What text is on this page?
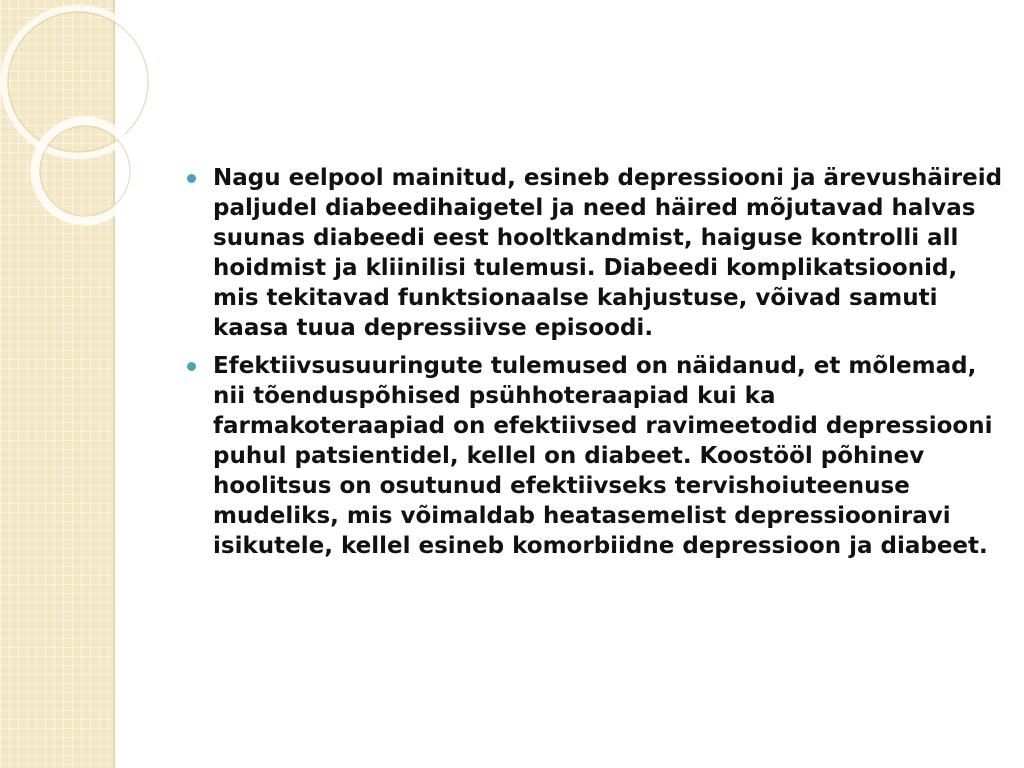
Nagu eelpool mainitud, esineb depressiooni ja ärevushäireid paljudel diabeedihaigetel ja need häired mõjutavad halvas suunas diabeedi eest hooltkandmist, haiguse kontrolli all hoidmist ja kliinilisi tulemusi. Diabeedi komplikatsioonid, mis tekitavad funktsionaalse kahjustuse, võivad samuti kaasa tuua depressiivse episoodi.
Efektiivsusuuringute tulemused on näidanud, et mõlemad, nii tõenduspõhised psühhoteraapiad kui ka farmakoteraapiad on efektiivsed ravimeetodid depressiooni puhul patsientidel, kellel on diabeet. Koostööl põhinev hoolitsus on osutunud efektiivseks tervishoiuteenuse mudeliks, mis võimaldab heatasemelist depressiooniravi isikutele, kellel esineb komorbiidne depressioon ja diabeet.
